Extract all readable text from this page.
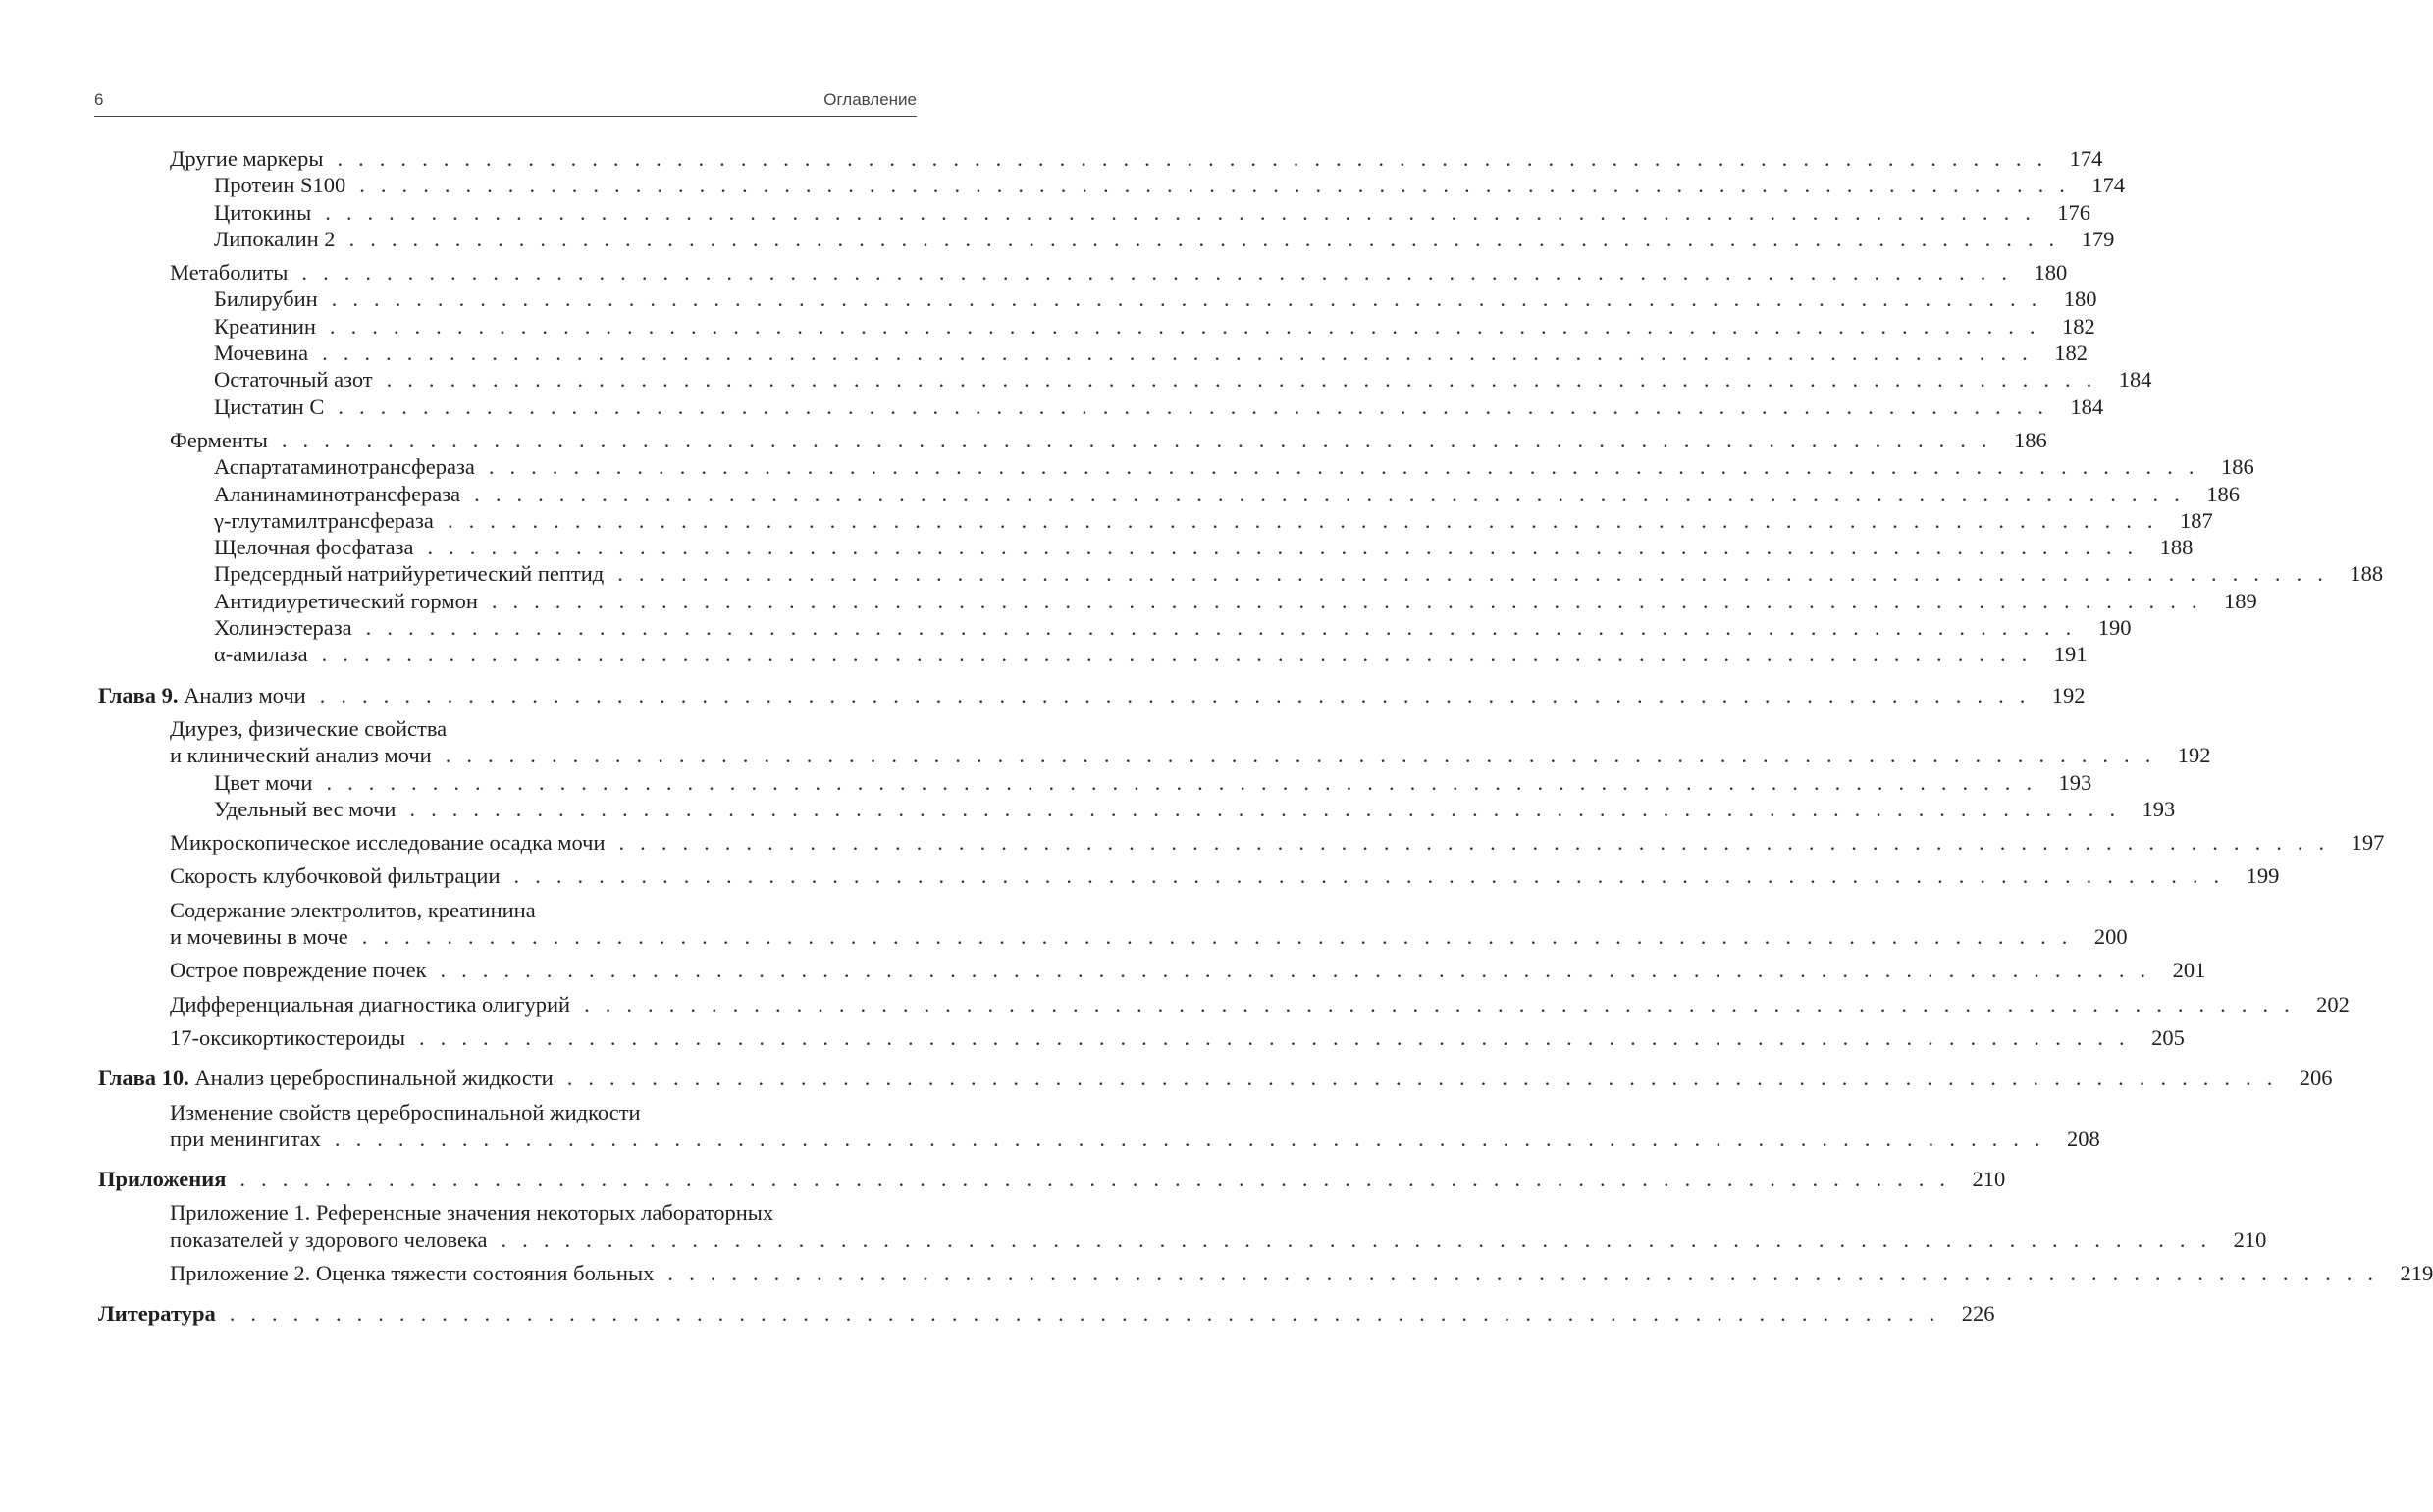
6	Оглавление
Другие маркеры . . . . . . . . . . . . . . . . . . . . . . . . . . . . . . . . . . . . . . . . . . . . . . . . . . . . . . . . . . . . . . . . . . . . . . . . . . . . . . . . . 174
Протеин S100 . . . . . . . . . . . . . . . . . . . . . . . . . . . . . . . . . . . . . . . . . . . . . . . . . . . . . . . . . . . . . . . . . . . . . . . . . . . . . . . . . 174
Цитокины . . . . . . . . . . . . . . . . . . . . . . . . . . . . . . . . . . . . . . . . . . . . . . . . . . . . . . . . . . . . . . . . . . . . . . . . . . . . . . . . . 176
Липокалин 2 . . . . . . . . . . . . . . . . . . . . . . . . . . . . . . . . . . . . . . . . . . . . . . . . . . . . . . . . . . . . . . . . . . . . . . . . . . . . . . . . . 179
Метаболиты . . . . . . . . . . . . . . . . . . . . . . . . . . . . . . . . . . . . . . . . . . . . . . . . . . . . . . . . . . . . . . . . . . . . . . . . . . . . . . . . . 180
Билирубин . . . . . . . . . . . . . . . . . . . . . . . . . . . . . . . . . . . . . . . . . . . . . . . . . . . . . . . . . . . . . . . . . . . . . . . . . . . . . . . . . 180
Креатинин . . . . . . . . . . . . . . . . . . . . . . . . . . . . . . . . . . . . . . . . . . . . . . . . . . . . . . . . . . . . . . . . . . . . . . . . . . . . . . . . . 182
Мочевина . . . . . . . . . . . . . . . . . . . . . . . . . . . . . . . . . . . . . . . . . . . . . . . . . . . . . . . . . . . . . . . . . . . . . . . . . . . . . . . . . 182
Остаточный азот . . . . . . . . . . . . . . . . . . . . . . . . . . . . . . . . . . . . . . . . . . . . . . . . . . . . . . . . . . . . . . . . . . . . . . . . . . . . . . . . . 184
Цистатин С . . . . . . . . . . . . . . . . . . . . . . . . . . . . . . . . . . . . . . . . . . . . . . . . . . . . . . . . . . . . . . . . . . . . . . . . . . . . . . . . . 184
Ферменты . . . . . . . . . . . . . . . . . . . . . . . . . . . . . . . . . . . . . . . . . . . . . . . . . . . . . . . . . . . . . . . . . . . . . . . . . . . . . . . . . 186
Аспартатаминотрансфераза . . . . . . . . . . . . . . . . . . . . . . . . . . . . . . . . . . . . . . . . . . . . . . . . . . . . . . . . . . . . . . . . . . . . . . . . . . . . . . . . . 186
Аланинаминотрансфераза . . . . . . . . . . . . . . . . . . . . . . . . . . . . . . . . . . . . . . . . . . . . . . . . . . . . . . . . . . . . . . . . . . . . . . . . . . . . . . . . . 186
γ-глутамилтрансфераза . . . . . . . . . . . . . . . . . . . . . . . . . . . . . . . . . . . . . . . . . . . . . . . . . . . . . . . . . . . . . . . . . . . . . . . . . . . . . . . . . 187
Щелочная фосфатаза . . . . . . . . . . . . . . . . . . . . . . . . . . . . . . . . . . . . . . . . . . . . . . . . . . . . . . . . . . . . . . . . . . . . . . . . . . . . . . . . . 188
Предсердный натрийуретический пептид . . . . . . . . . . . . . . . . . . . . . . . . . . . . . . . . . . . . . . . . . . . . . . . . . . . . . . . . . . . . . . . . . . . . . . . . . . . . . . . . . 188
Антидиуретический гормон . . . . . . . . . . . . . . . . . . . . . . . . . . . . . . . . . . . . . . . . . . . . . . . . . . . . . . . . . . . . . . . . . . . . . . . . . . . . . . . . . 189
Холинэстераза . . . . . . . . . . . . . . . . . . . . . . . . . . . . . . . . . . . . . . . . . . . . . . . . . . . . . . . . . . . . . . . . . . . . . . . . . . . . . . . . . 190
α-амилаза . . . . . . . . . . . . . . . . . . . . . . . . . . . . . . . . . . . . . . . . . . . . . . . . . . . . . . . . . . . . . . . . . . . . . . . . . . . . . . . . . 191
Глава 9. Анализ мочи . . . . . . . . . . . . . . . . . . . . . . . . . . . . . . . . . . . . . . . . . . . . . . . . . . . . . . . . . . . . . . . . . . . . . . . . . . . . . . . . . 192
Диурез, физические свойства
и клинический анализ мочи . . . . . . . . . . . . . . . . . . . . . . . . . . . . . . . . . . . . . . . . . . . . . . . . . . . . . . . . . . . . . . . . . . . . . . . . . . . . . . . . . 192
Цвет мочи . . . . . . . . . . . . . . . . . . . . . . . . . . . . . . . . . . . . . . . . . . . . . . . . . . . . . . . . . . . . . . . . . . . . . . . . . . . . . . . . . 193
Удельный вес мочи . . . . . . . . . . . . . . . . . . . . . . . . . . . . . . . . . . . . . . . . . . . . . . . . . . . . . . . . . . . . . . . . . . . . . . . . . . . . . . . . . 193
Микроскопическое исследование осадка мочи . . . . . . . . . . . . . . . . . . . . . . . . . . . . . . . . . . . . . . . . . . . . . . . . . . . . . . . . . . . . . . . . . . . . . . . . . . . . . . . . . 197
Скорость клубочковой фильтрации . . . . . . . . . . . . . . . . . . . . . . . . . . . . . . . . . . . . . . . . . . . . . . . . . . . . . . . . . . . . . . . . . . . . . . . . . . . . . . . . . 199
Содержание электролитов, креатинина
и мочевины в моче . . . . . . . . . . . . . . . . . . . . . . . . . . . . . . . . . . . . . . . . . . . . . . . . . . . . . . . . . . . . . . . . . . . . . . . . . . . . . . . . . 200
Острое повреждение почек . . . . . . . . . . . . . . . . . . . . . . . . . . . . . . . . . . . . . . . . . . . . . . . . . . . . . . . . . . . . . . . . . . . . . . . . . . . . . . . . . 201
Дифференциальная диагностика олигурий . . . . . . . . . . . . . . . . . . . . . . . . . . . . . . . . . . . . . . . . . . . . . . . . . . . . . . . . . . . . . . . . . . . . . . . . . . . . . . . . . 202
17-оксикортикостероиды . . . . . . . . . . . . . . . . . . . . . . . . . . . . . . . . . . . . . . . . . . . . . . . . . . . . . . . . . . . . . . . . . . . . . . . . . . . . . . . . . 205
Глава 10. Анализ цереброспинальной жидкости . . . . . . . . . . . . . . . . . . . . . . . . . . . . . . . . . . . . . . . . . . . . . . . . . . . . . . . . . . . . . . . . . . . . . . . . . . . . . . . . . 206
Изменение свойств цереброспинальной жидкости
при менингитах . . . . . . . . . . . . . . . . . . . . . . . . . . . . . . . . . . . . . . . . . . . . . . . . . . . . . . . . . . . . . . . . . . . . . . . . . . . . . . . . . 208
Приложения . . . . . . . . . . . . . . . . . . . . . . . . . . . . . . . . . . . . . . . . . . . . . . . . . . . . . . . . . . . . . . . . . . . . . . . . . . . . . . . . . 210
Приложение 1. Референсные значения некоторых лабораторных
показателей у здорового человека . . . . . . . . . . . . . . . . . . . . . . . . . . . . . . . . . . . . . . . . . . . . . . . . . . . . . . . . . . . . . . . . . . . . . . . . . . . . . . . . . 210
Приложение 2. Оценка тяжести состояния больных . . . . . . . . . . . . . . . . . . . . . . . . . . . . . . . . . . . . . . . . . . . . . . . . . . . . . . . . . . . . . . . . . . . . . . . . . . . . . . . . . 219
Литература . . . . . . . . . . . . . . . . . . . . . . . . . . . . . . . . . . . . . . . . . . . . . . . . . . . . . . . . . . . . . . . . . . . . . . . . . . . . . . . . . 226
